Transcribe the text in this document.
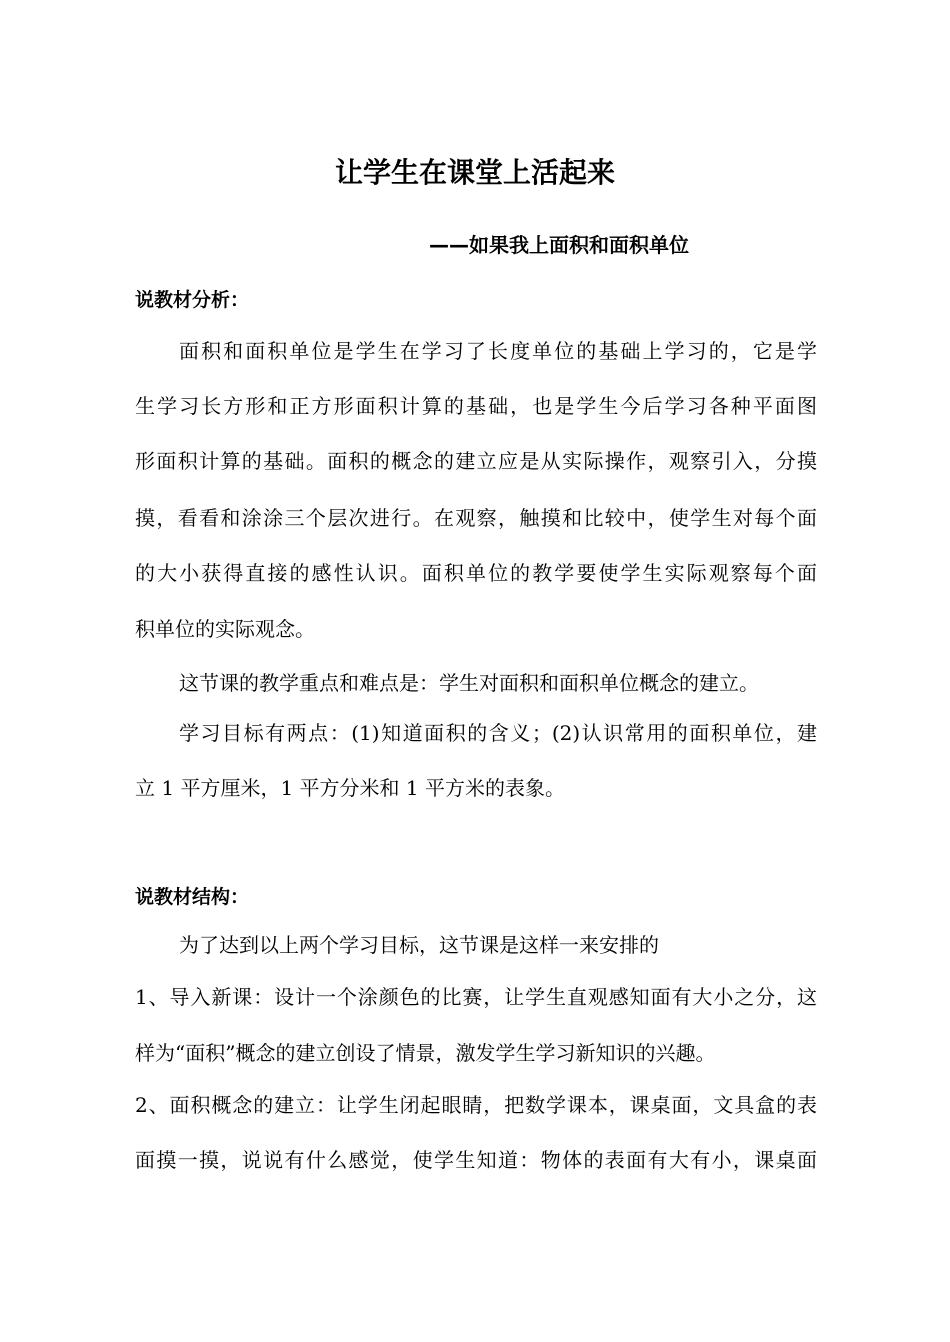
让学生在课堂上活起来
——如果我上面积和面积单位
说教材分析：
面积和面积单位是学生在学习了长度单位的基础上学习的，它是学
生学习长方形和正方形面积计算的基础，也是学生今后学习各种平面图
形面积计算的基础。面积的概念的建立应是从实际操作，观察引入，分摸
摸，看看和涂涂三个层次进行。在观察，触摸和比较中，使学生对每个面
的大小获得直接的感性认识。面积单位的教学要使学生实际观察每个面
积单位的实际观念。
这节课的教学重点和难点是：学生对面积和面积单位概念的建立。
学习目标有两点：(1)知道面积的含义；(2)认识常用的面积单位，建
立 1 平方厘米，1 平方分米和 1 平方米的表象。
说教材结构：
为了达到以上两个学习目标，这节课是这样一来安排的
1、导入新课：设计一个涂颜色的比赛，让学生直观感知面有大小之分，这
样为“面积”概念的建立创设了情景，激发学生学习新知识的兴趣。
2、面积概念的建立：让学生闭起眼睛，把数学课本，课桌面，文具盒的表
面摸一摸，说说有什么感觉，使学生知道：物体的表面有大有小，课桌面
